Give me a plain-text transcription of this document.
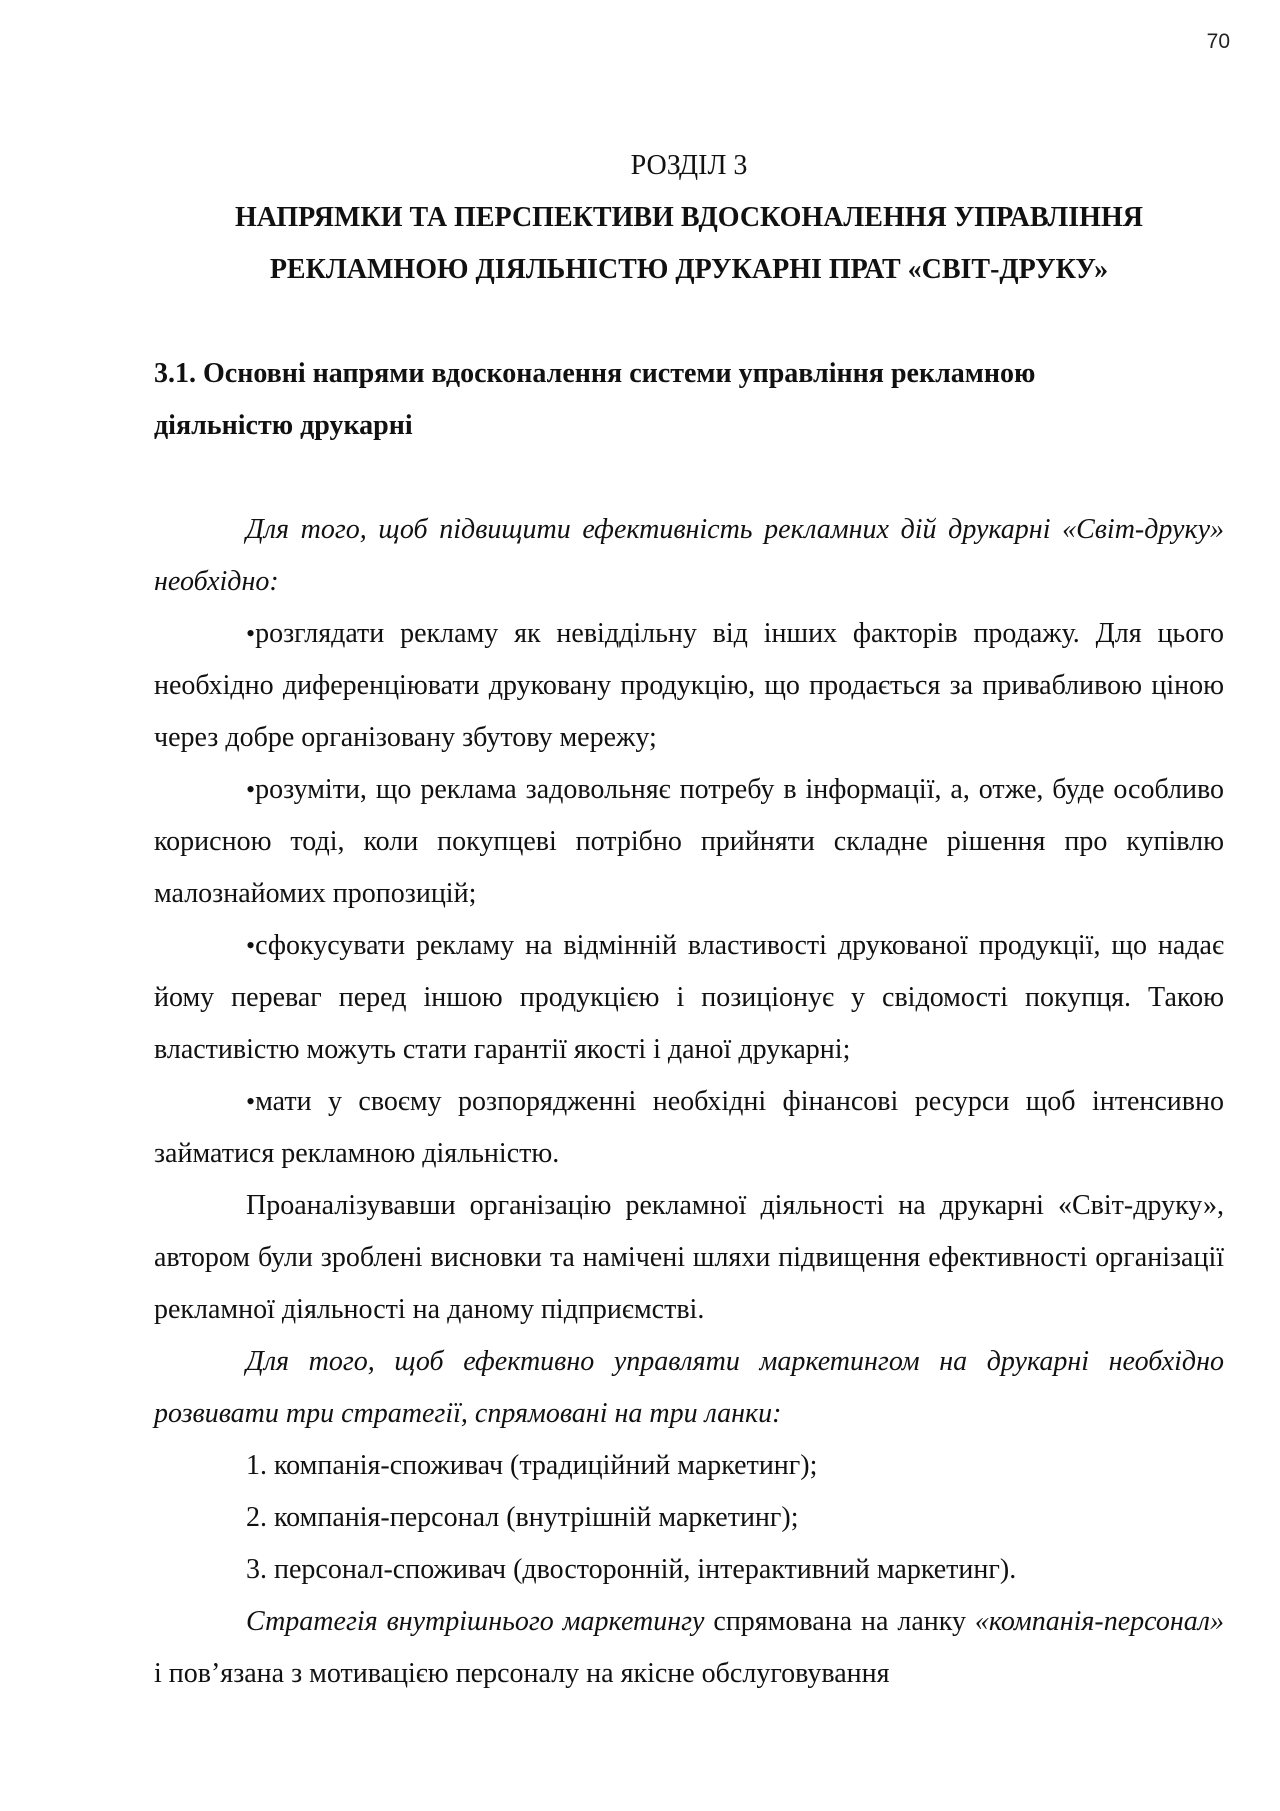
70

РОЗДІЛ 3

НАПРЯМКИ ТА ПЕРСПЕКТИВИ ВДОСКОНАЛЕННЯ УПРАВЛІННЯ

РЕКЛАМНОЮ ДІЯЛЬНІСТЮ ДРУКАРНІ ПРАТ «СВІТ-ДРУКУ»

3.1. Основні напрями вдосконалення системи управління рекламною

діяльністю друкарні

Для того, щоб підвищити ефективність рекламних дій друкарні «Світ-друку» необхідно:

•розглядати рекламу як невіддільну від інших факторів продажу. Для цього необхідно диференціювати друковану продукцію, що продається за привабливою ціною через добре організовану збутову мережу;

•розуміти, що реклама задовольняє потребу в інформації, а, отже, буде особливо корисною тоді, коли покупцеві потрібно прийняти складне рішення про купівлю малознайомих пропозицій;

•сфокусувати рекламу на відмінній властивості друкованої продукції, що надає йому переваг перед іншою продукцією і позиціонує у свідомості покупця. Такою властивістю можуть стати гарантії якості і даної друкарні;

•мати у своєму розпорядженні необхідні фінансові ресурси щоб інтенсивно займатися рекламною діяльністю.

Проаналізувавши організацію рекламної діяльності на друкарні «Світ-друку», автором були зроблені висновки та намічені шляхи підвищення ефективності організації рекламної діяльності на даному підприємстві.

Для того, щоб ефективно управляти маркетингом на друкарні необхідно розвивати три стратегії, спрямовані на три ланки:

1. компанія-споживач (традиційний маркетинг);

2. компанія-персонал (внутрішній маркетинг);

3. персонал-споживач (двосторонній, інтерактивний маркетинг).

Стратегія внутрішнього маркетингу спрямована на ланку «компанія-персонал» і пов’язана з мотивацією персоналу на якісне обслуговування
